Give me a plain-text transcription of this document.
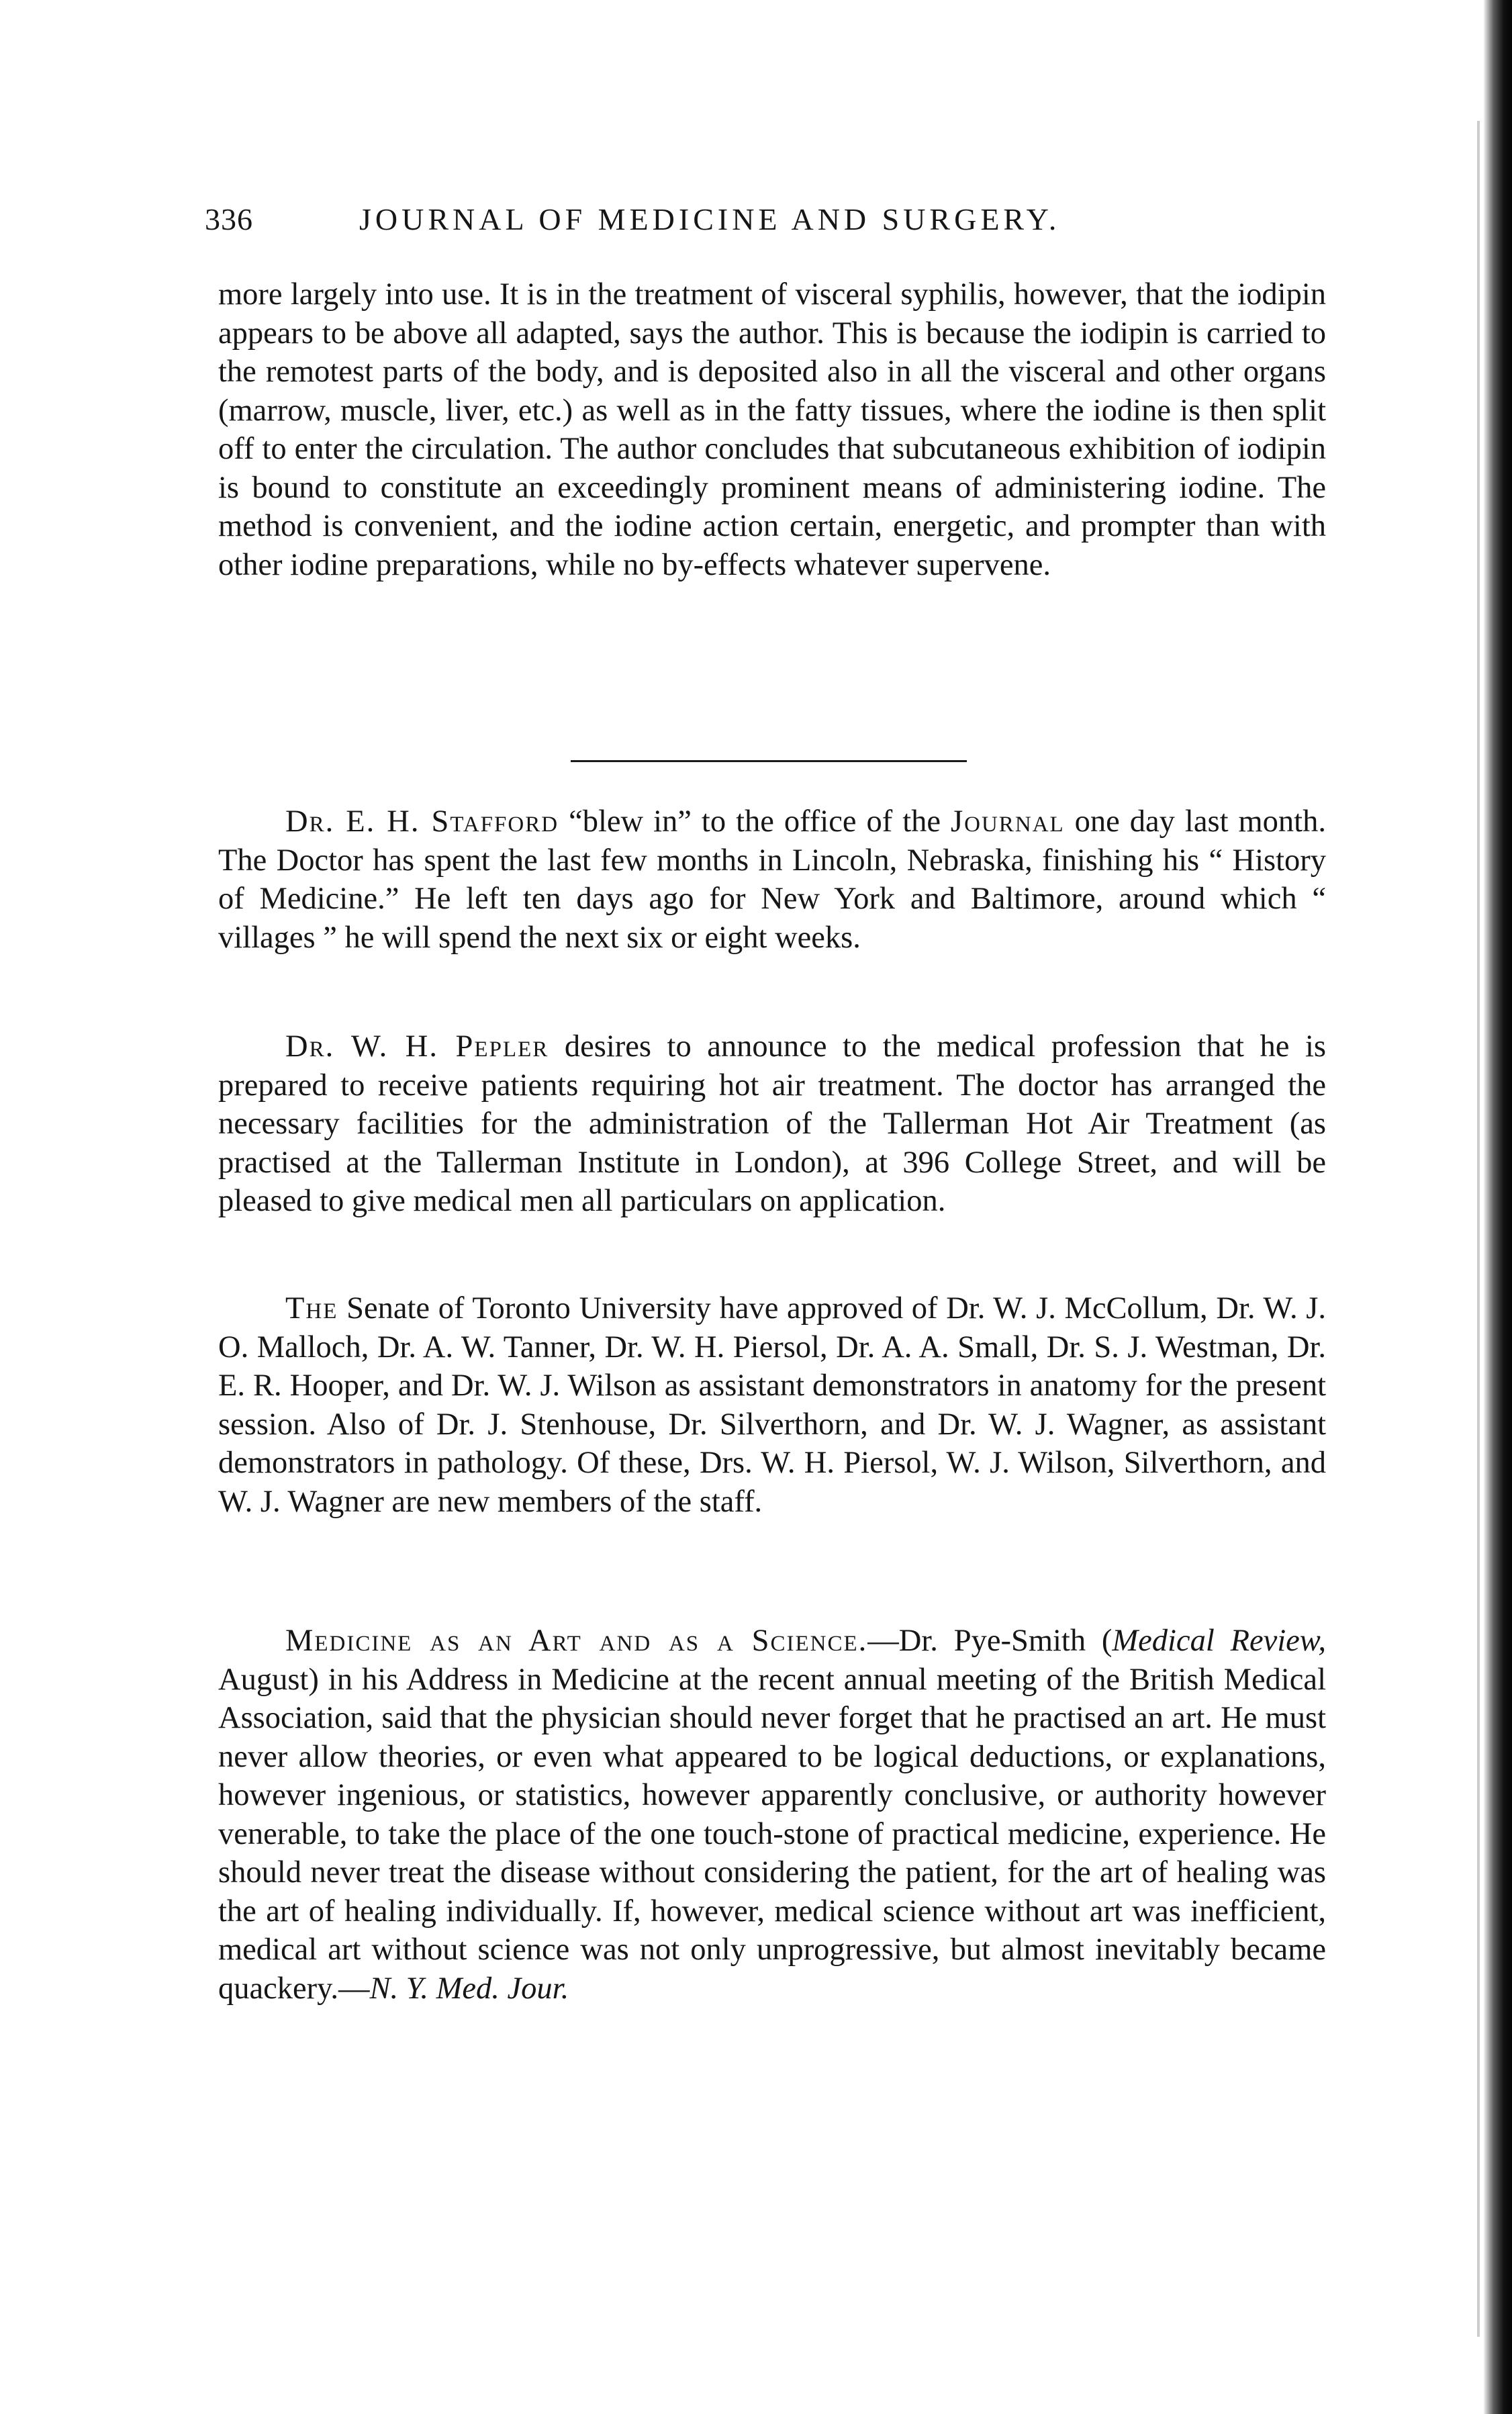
336	JOURNAL OF MEDICINE AND SURGERY.

more largely into use. It is in the treatment of visceral syphilis, however, that the iodipin appears to be above all adapted, says the author. This is because the iodipin is carried to the remotest parts of the body, and is deposited also in all the visceral and other organs (marrow, muscle, liver, etc.) as well as in the fatty tissues, where the iodine is then split off to enter the circulation. The author concludes that subcutaneous exhibition of iodipin is bound to constitute an exceedingly prominent means of administering iodine. The method is convenient, and the iodine action certain, energetic, and prompter than with other iodine preparations, while no by-effects whatever supervene.

Dr. E. H. Stafford “blew in” to the office of the Journal one day last month. The Doctor has spent the last few months in Lincoln, Nebraska, finishing his “ History of Medicine.” He left ten days ago for New York and Baltimore, around which “ villages ” he will spend the next six or eight weeks.

Dr. W. H. Pepler desires to announce to the medical profession that he is prepared to receive patients requiring hot air treatment. The doctor has arranged the necessary facilities for the administration of the Tallerman Hot Air Treatment (as practised at the Tallerman Institute in London), at 396 College Street, and will be pleased to give medical men all particulars on application.

The Senate of Toronto University have approved of Dr. W. J. McCollum, Dr. W. J. O. Malloch, Dr. A. W. Tanner, Dr. W. H. Piersol, Dr. A. A. Small, Dr. S. J. Westman, Dr. E. R. Hooper, and Dr. W. J. Wilson as assistant demonstrators in anatomy for the present session. Also of Dr. J. Stenhouse, Dr. Silverthorn, and Dr. W. J. Wagner, as assistant demonstrators in pathology. Of these, Drs. W. H. Piersol, W. J. Wilson, Silverthorn, and W. J. Wagner are new members of the staff.

Medicine as an Art and as a Science.—Dr. Pye-Smith (Medical Review, August) in his Address in Medicine at the recent annual meeting of the British Medical Association, said that the physician should never forget that he practised an art. He must never allow theories, or even what appeared to be logical deductions, or explanations, however ingenious, or statistics, however apparently conclusive, or authority however venerable, to take the place of the one touch-stone of practical medicine, experience. He should never treat the disease without considering the patient, for the art of healing was the art of healing individually. If, however, medical science without art was inefficient, medical art without science was not only unprogressive, but almost inevitably became quackery.—N. Y. Med. Jour.
